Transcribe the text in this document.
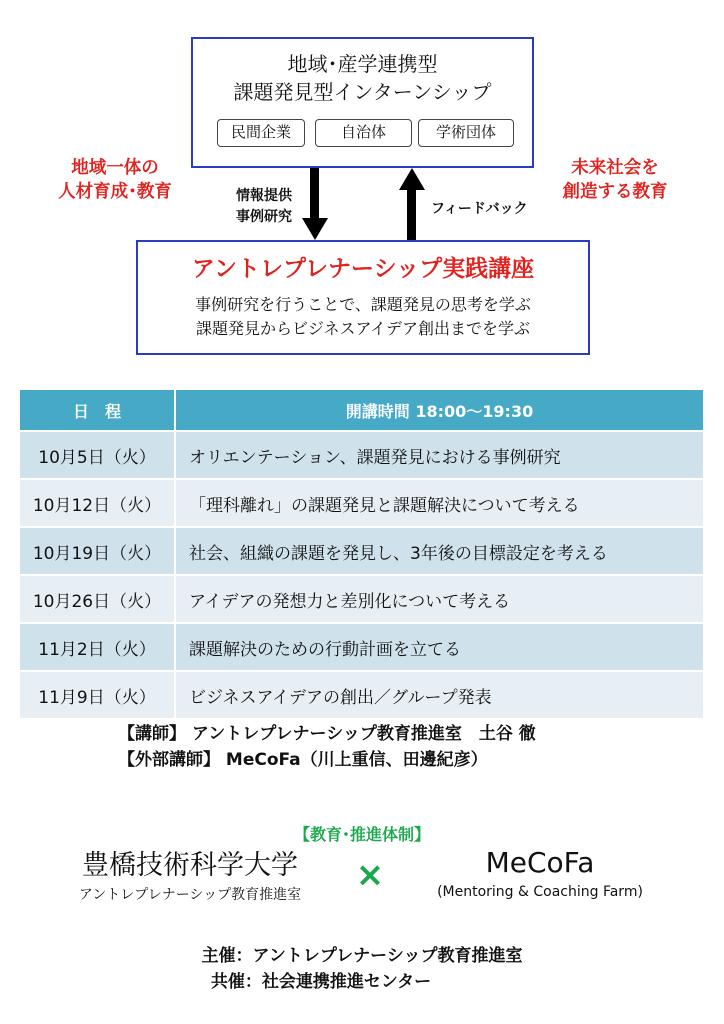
地域･産学連携型
課題発見型インターンシップ
民間企業	自治体	学術団体
地域一体の
人材育成･教育
未来社会を
創造する教育
情報提供
事例研究	フィードバック
アントレプレナーシップ実践講座
事例研究を行うことで、課題発見の思考を学ぶ
課題発見からビジネスアイデア創出までを学ぶ
日　程	開講時間 18:00～19:30
10月5日（火）	オリエンテーション、課題発見における事例研究
10月12日（火）	「理科離れ」の課題発見と課題解決について考える
10月19日（火）	社会、組織の課題を発見し、3年後の目標設定を考える
10月26日（火）	アイデアの発想力と差別化について考える
11月2日（火）	課題解決のための行動計画を立てる
11月9日（火）	ビジネスアイデアの創出／グループ発表
【講師】 アントレプレナーシップ教育推進室　土谷 徹
【外部講師】 MeCoFa（川上重信、田邊紀彦）
【教育･推進体制】
豊橋技術科学大学
アントレプレナーシップ教育推進室	×	MeCoFa
(Mentoring & Coaching Farm)
主催：アントレプレナーシップ教育推進室
共催：社会連携推進センター
